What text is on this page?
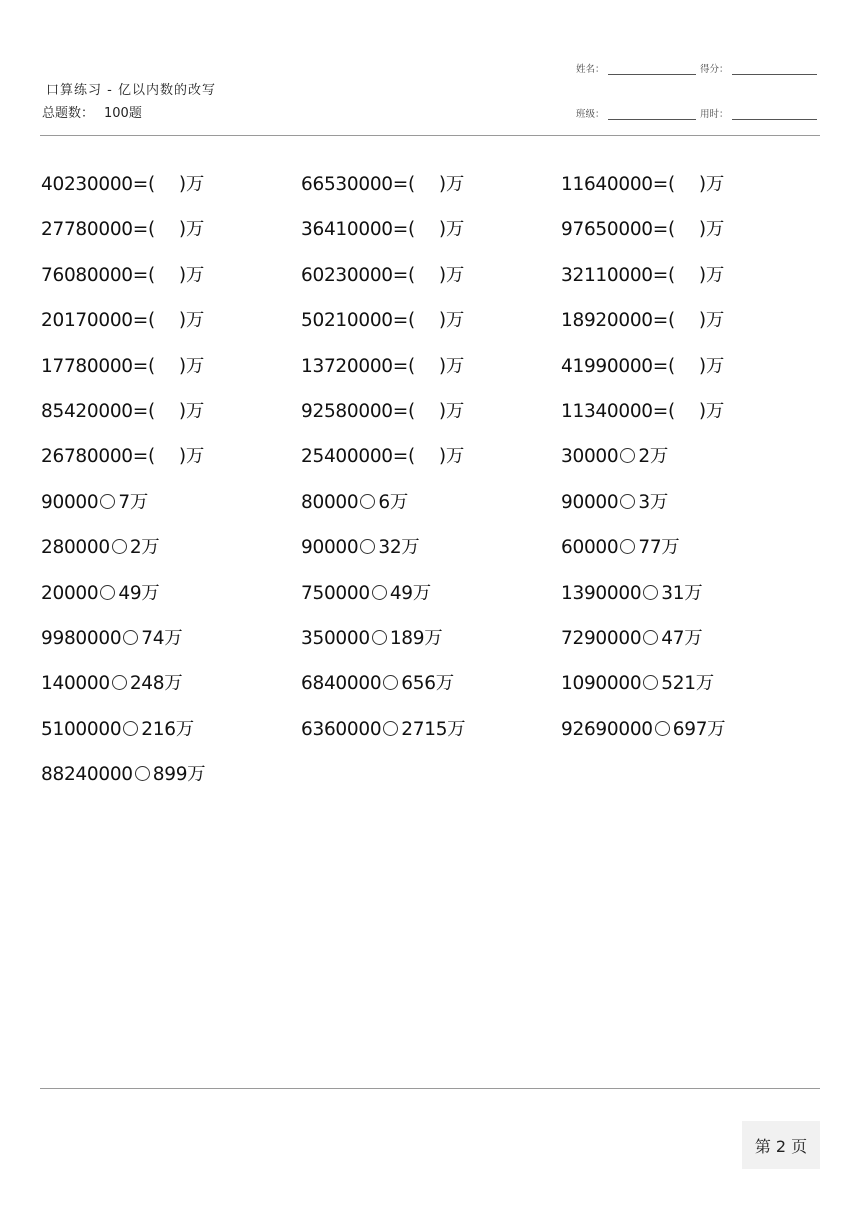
口算练习 - 亿以内数的改写
总题数： 100题
姓名：	得分：
班级：	用时：
40230000=( )万	66530000=( )万	11640000=( )万
27780000=( )万	36410000=( )万	97650000=( )万
76080000=( )万	60230000=( )万	32110000=( )万
20170000=( )万	50210000=( )万	18920000=( )万
17780000=( )万	13720000=( )万	41990000=( )万
85420000=( )万	92580000=( )万	11340000=( )万
26780000=( )万	25400000=( )万	30000 2万
90000 7万	80000 6万	90000 3万
280000 2万	90000 32万	60000 77万
20000 49万	750000 49万	1390000 31万
9980000 74万	350000 189万	7290000 47万
140000 248万	6840000 656万	1090000 521万
5100000 216万	6360000 2715万	92690000 697万
88240000 899万
第 2 页
